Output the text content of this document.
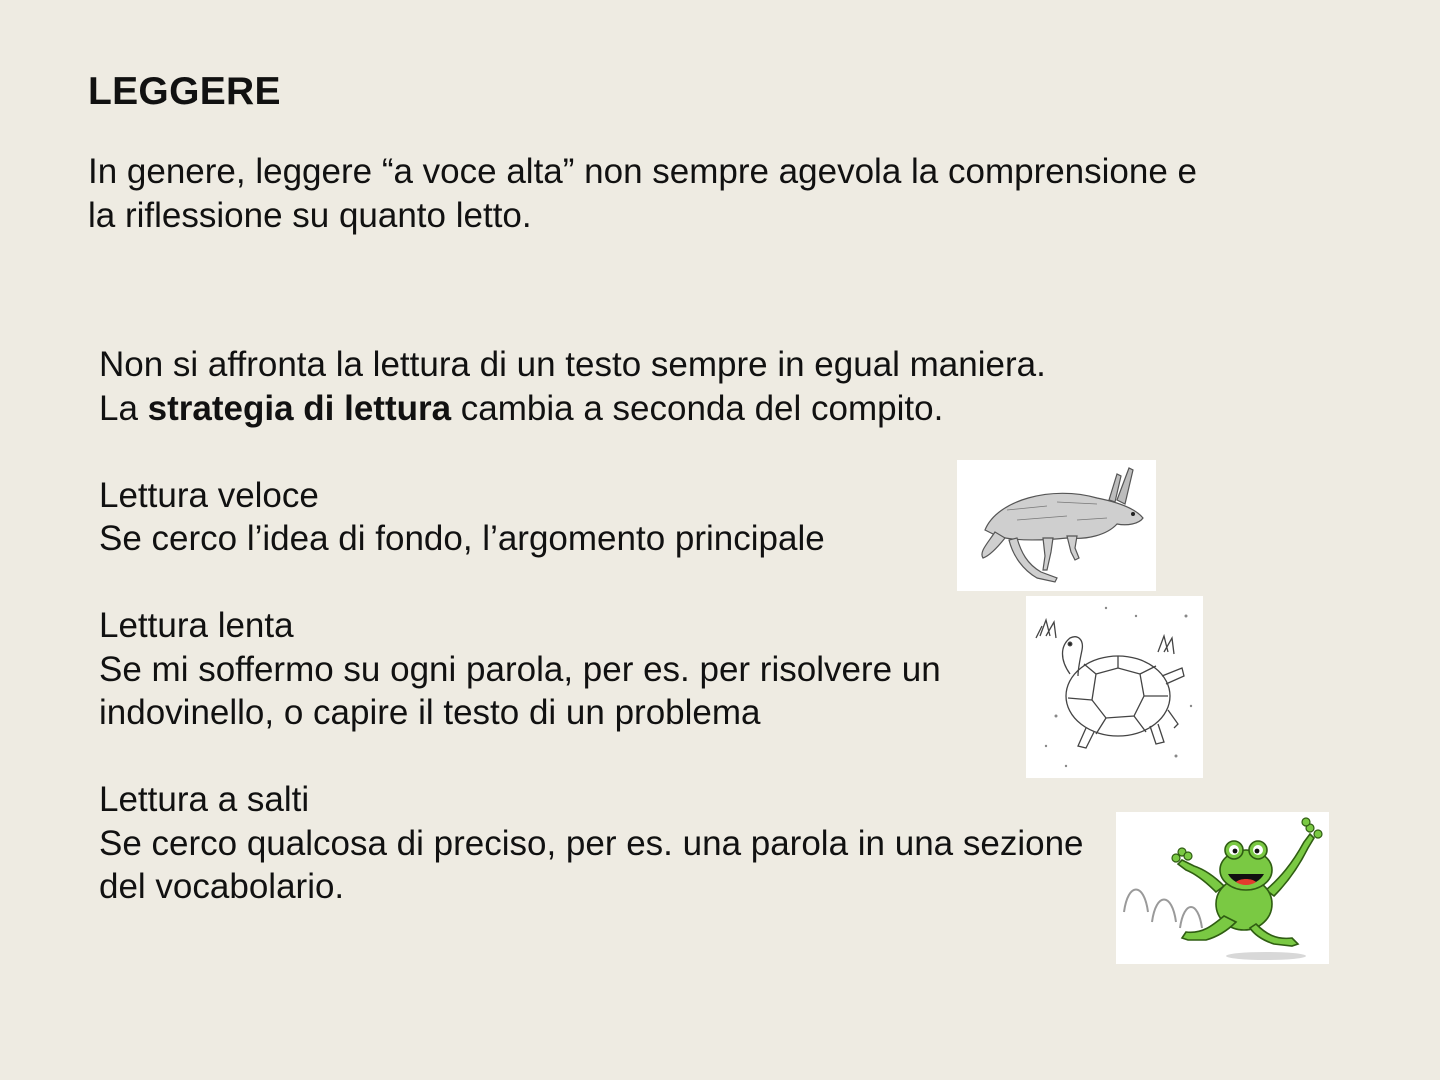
LEGGERE
In genere, leggere “a voce alta” non sempre agevola la comprensione e
la riflessione su quanto letto.

Non si affronta la lettura di un testo sempre in egual maniera.

La strategia di lettura cambia a seconda del compito.

Lettura veloce

Se cerco l’idea di fondo, l’argomento principale

Lettura lenta

Se mi soffermo su ogni parola, per es. per risolvere un

indovinello, o capire il testo di un problema

Lettura a salti

Se cerco qualcosa di preciso, per es. una parola in una sezione

del vocabolario.
